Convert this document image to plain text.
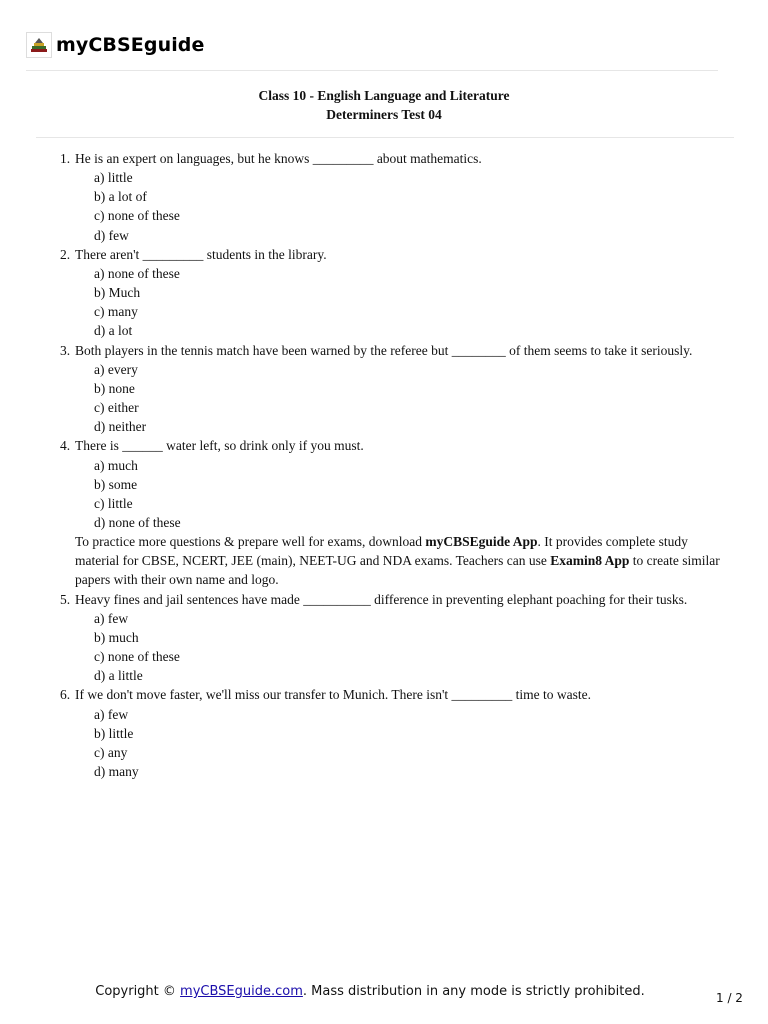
myCBSEguide
Class 10 - English Language and Literature
Determiners Test 04
1. He is an expert on languages, but he knows _________ about mathematics.
a) little
b) a lot of
c) none of these
d) few
2. There aren't _________ students in the library.
a) none of these
b) Much
c) many
d) a lot
3. Both players in the tennis match have been warned by the referee but ________ of them seems to take it seriously.
a) every
b) none
c) either
d) neither
4. There is ______ water left, so drink only if you must.
a) much
b) some
c) little
d) none of these
To practice more questions & prepare well for exams, download myCBSEguide App. It provides complete study
material for CBSE, NCERT, JEE (main), NEET-UG and NDA exams. Teachers can use Examin8 App to create similar
papers with their own name and logo.
5. Heavy fines and jail sentences have made __________ difference in preventing elephant poaching for their tusks.
a) few
b) much
c) none of these
d) a little
6. If we don't move faster, we'll miss our transfer to Munich. There isn't _________ time to waste.
a) few
b) little
c) any
d) many
Copyright © myCBSEguide.com. Mass distribution in any mode is strictly prohibited.	1 / 2
